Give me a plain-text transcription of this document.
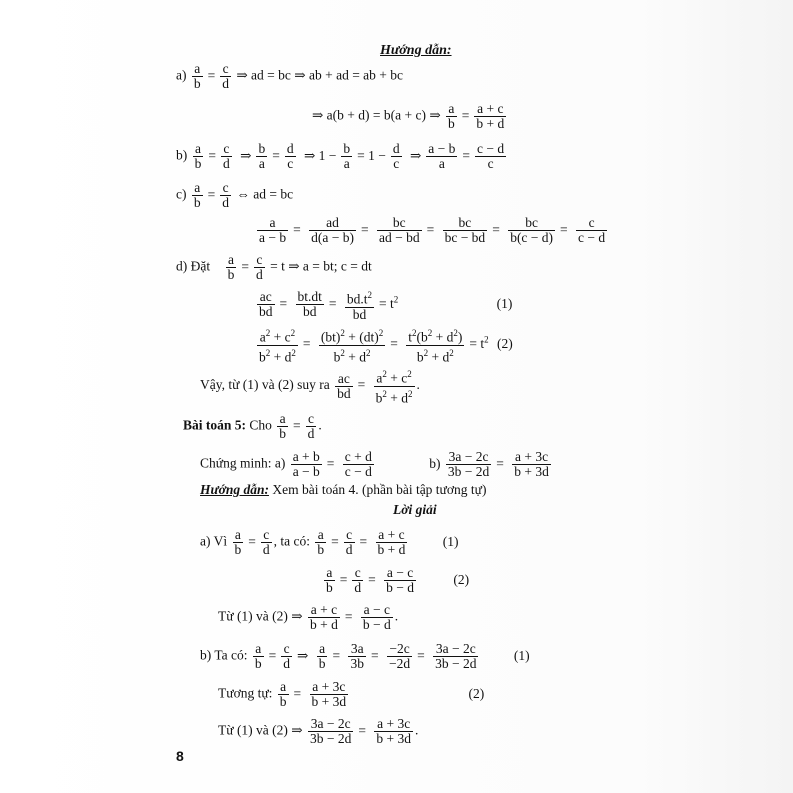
Hướng dẫn:
$a) \frac{a}{b} = \frac{c}{d}$ ⇒ ad = bc ⇒ ab + ad = ab + bc
⇒ a(b + d) = b(a + c) ⇒ $\frac{a}{b} = \frac{a + c}{b + d}$
$b) \frac{a}{b} = \frac{c}{d}$ ⇒ $\frac{b}{a} = \frac{d}{c}$ ⇒ $1 - \frac{b}{a} = 1 - \frac{d}{c}$ ⇒ $\frac{a - b}{a} = \frac{c - d}{c}$
$c) \frac{a}{b} = \frac{c}{d}$ ⇔ ad = bc
$\frac{a}{a - b} = \frac{ad}{d(a - b)} = \frac{bc}{ad - bd} = \frac{bc}{bc - bd} = \frac{bc}{b(c - d)} = \frac{c}{c - d}$
d) Đặt $\frac{a}{b} = \frac{c}{d} = t$ ⇒ a = bt; c = dt
$\frac{ac}{bd} = \frac{bt.dt}{bd} = \frac{bd.t^2}{bd} = t^2$	(1)
$\frac{a^2 + c^2}{b^2 + d^2} = \frac{(bt)^2 + (dt)^2}{b^2 + d^2} = \frac{t^2(b^2 + d^2)}{b^2 + d^2} = t^2$ (2)
Vậy, từ (1) và (2) suy ra $\frac{ac}{bd} = \frac{a^2 + c^2}{b^2 + d^2}$ .
Bài toán 5: Cho $\frac{a}{b} = \frac{c}{d}$ .
Chứng minh: $a) \frac{a + b}{a - b} = \frac{c + d}{c - d}$	$b) \frac{3a - 2c}{3b - 2d} = \frac{a + 3c}{b + 3d}$
Hướng dẫn: Xem bài toán 4. (phần bài tập tương tự)
Lời giải
a) Vì $\frac{a}{b} = \frac{c}{d}$ , ta có: $\frac{a}{b} = \frac{c}{d} = \frac{a + c}{b + d}$	(1)
$\frac{a}{b} = \frac{c}{d} = \frac{a - c}{b - d}$	(2)
Từ (1) và (2) ⇒ $\frac{a + c}{b + d} = \frac{a - c}{b - d}$ .
b) Ta có: $\frac{a}{b} = \frac{c}{d}$ ⇒ $\frac{a}{b} = \frac{3a}{3b} = \frac{-2c}{-2d} = \frac{3a - 2c}{3b - 2d}$	(1)
Tương tự: $\frac{a}{b} = \frac{a + 3c}{b + 3d}$	(2)
Từ (1) và (2) ⇒ $\frac{3a - 2c}{3b - 2d} = \frac{a + 3c}{b + 3d}$ .
8
